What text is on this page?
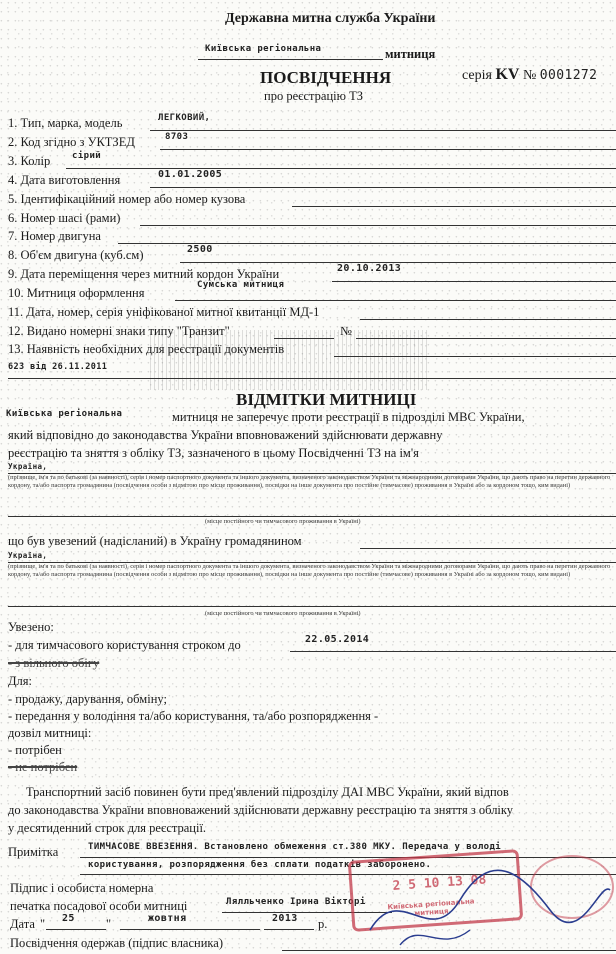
Державна митна служба України
Київська регіональна	митниця
ПОСВІДЧЕННЯ
про реєстрацію ТЗ
серія KV № 0001272
1. Тип, марка, модель	ЛЕГКОВИЙ,
2. Код згідно з УКТЗЕД	8703
3. Колір сірий
4. Дата виготовлення	01.01.2005
5. Ідентифікаційний номер або номер кузова
6. Номер шасі (рами)
7. Номер двигуна
8. Об'єм двигуна (куб.см)	2500
9. Дата переміщення через митний кордон України	20.10.2013
10. Митниця оформлення
Сумська митниця
11. Дата, номер, серія уніфікованої митної квитанції МД-1
12. Видано номерні знаки типу "Транзит"	№
13. Наявність необхідних для реєстрації документів
623 від 26.11.2011
ВІДМІТКИ МИТНИЦІ
Київська регіональна	митниця не заперечує проти реєстрації в підрозділі МВС України,
який відповідно до законодавства України вповноважений здійснювати державну
реєстрацію та зняття з обліку ТЗ, зазначеного в цьому Посвідченні ТЗ на ім'я
Україна,
(прізвище, ім'я та по батькові (за наявності), серія і номер паспортного документа та іншого документа, визначеного законодавством України та міжнародними договорами України, що дають право на перетин державного кордону, та/або паспорта громадянина (посвідчення особи з відмітою про місце проживання), посвідки на інше документа про постійне (тимчасове) проживання в Україні або за кордоном тощо, ким видані)
(місце постійного чи тимчасового проживання в Україні)
що був увезений (надісланий) в Україну громадянином
Україна,
(прізвище, ім'я та по батькові (за наявності), серія і номер паспортного документа та іншого документа, визначеного законодавством України та міжнародними договорами України, що дають право на перетин державного кордону, та/або паспорта громадянина (посвідчення особи з відмітою про місце проживання), посвідки на інше документа про постійне (тимчасове) проживання в Україні або за кордоном тощо, ким видані)
(місце постійного чи тимчасового проживання в Україні)
Увезено:
- для тимчасового користування строком до	22.05.2014
- з вільного обігу
Для:
- продажу, дарування, обміну;
- передання у володіння та/або користування, та/або розпорядження -
дозвіл митниці:
- потрібен
- не потрібен
Транспортний засіб повинен бути пред'явлений підрозділу ДАІ МВС України, який відпов
до законодавства України вповноважений здійснювати державну реєстрацію та зняття з обліку
у десятиденний строк для реєстрації.
Примітка	ТИМЧАСОВЕ ВВЕЗЕННЯ. Встановлено обмеження ст.380 МКУ. Передача у володі
користування, розпорядження без сплати податків заборонено.
Підпис і особиста номерна
печатка посадової особи митниці	Лялльченко Ірина Вікторі
Дата " 25 "	жовтня	2013 р.
Посвідчення одержав (підпис власника)
2 5 10 13 08
Київська регіональна митниця
